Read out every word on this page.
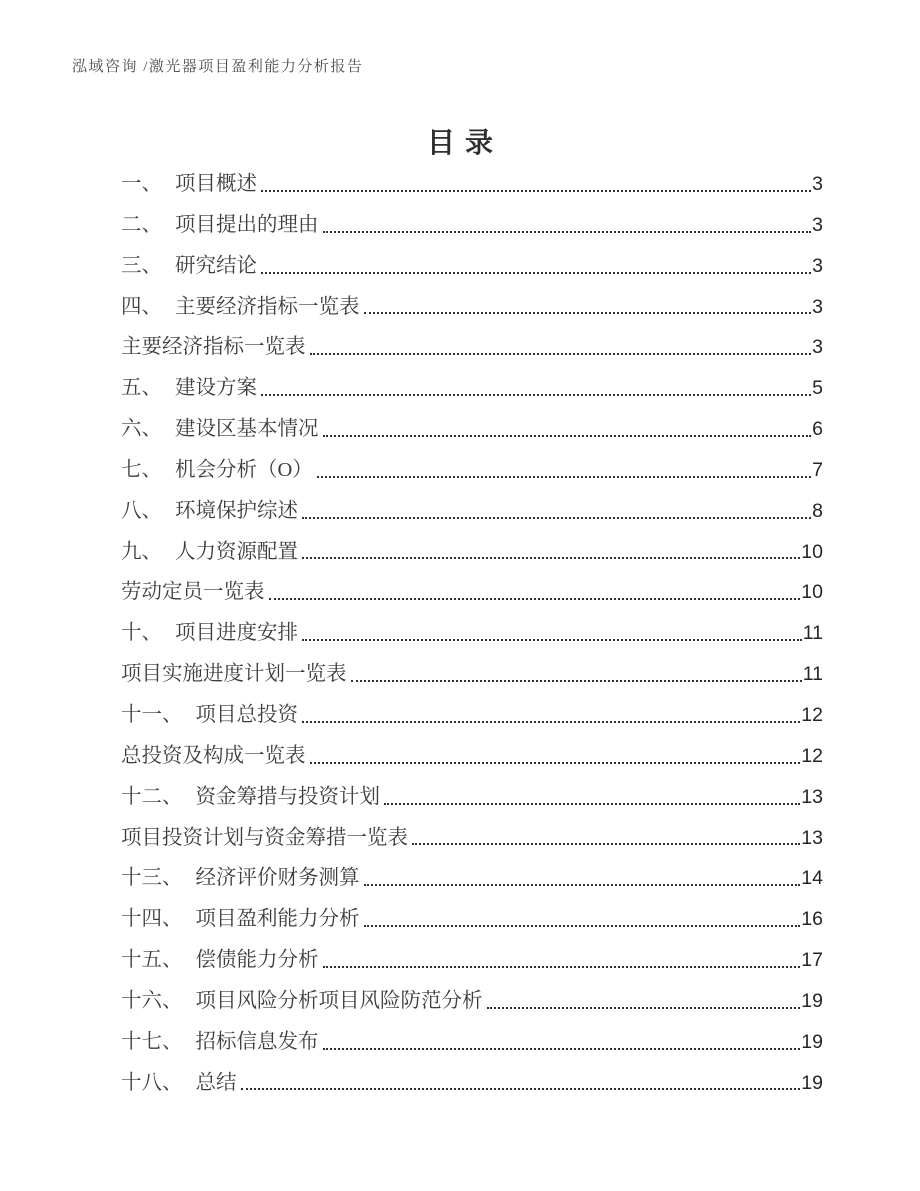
泓域咨询 /激光器项目盈利能力分析报告
目录
一、 项目概述	3
二、 项目提出的理由	3
三、 研究结论	3
四、 主要经济指标一览表	3
主要经济指标一览表	3
五、 建设方案	5
六、 建设区基本情况	6
七、 机会分析（O）	7
八、 环境保护综述	8
九、 人力资源配置	10
劳动定员一览表	10
十、 项目进度安排	11
项目实施进度计划一览表	11
十一、 项目总投资	12
总投资及构成一览表	12
十二、 资金筹措与投资计划	13
项目投资计划与资金筹措一览表	13
十三、 经济评价财务测算	14
十四、 项目盈利能力分析	16
十五、 偿债能力分析	17
十六、 项目风险分析项目风险防范分析	19
十七、 招标信息发布	19
十八、 总结	19
